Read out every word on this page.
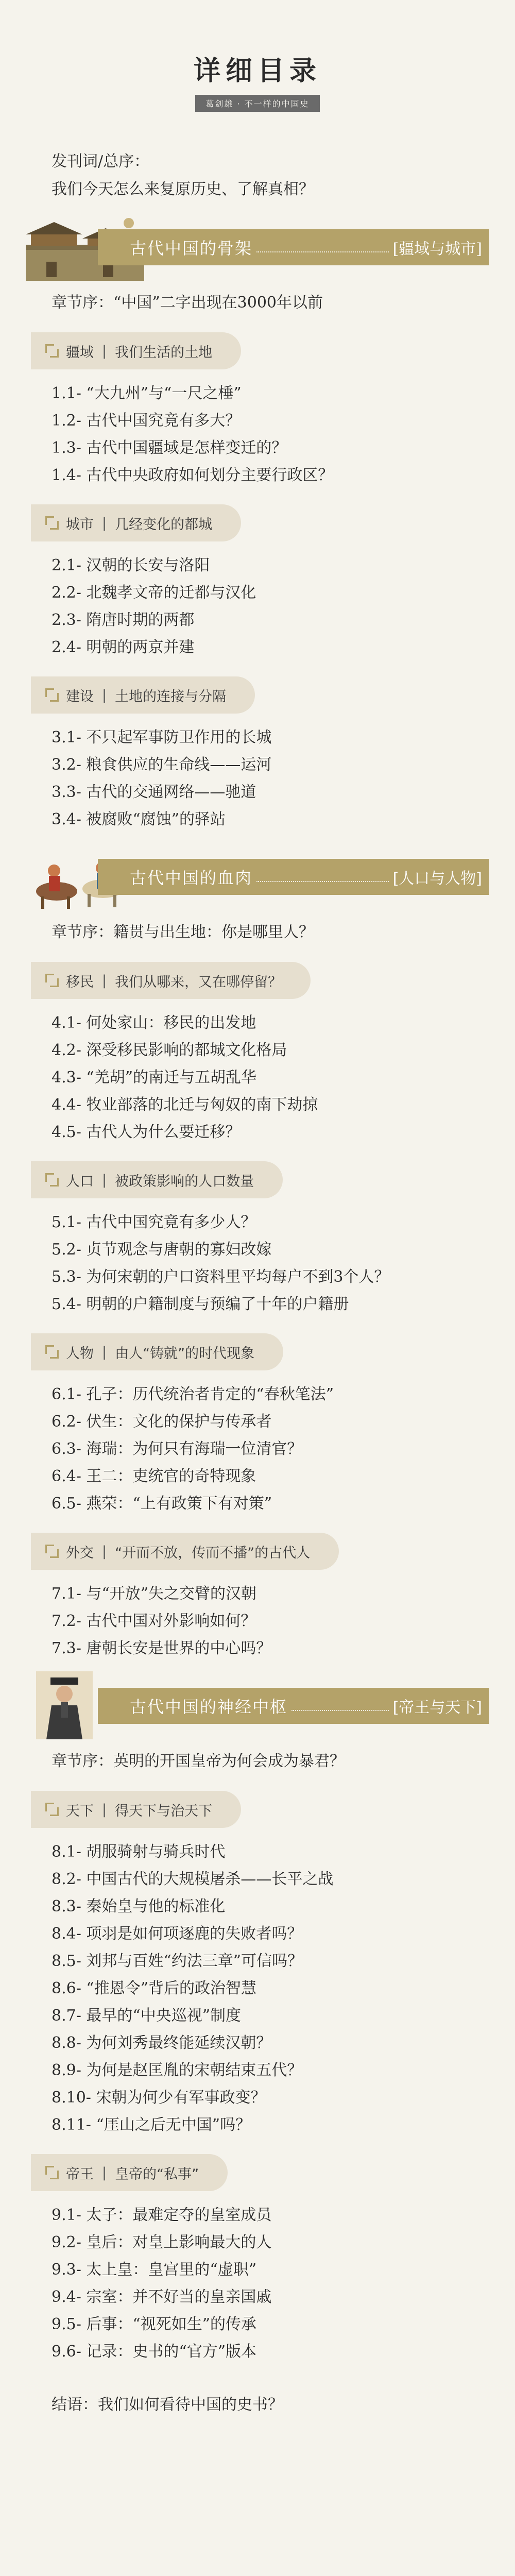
详细目录
葛剑雄 · 不一样的中国史
发刊词/总序：
我们今天怎么来复原历史、了解真相？
古代中国的骨架	[疆域与城市]
章节序：“中国”二字出现在3000年以前
疆域 | 我们生活的土地
1.1- “大九州”与“一尺之棰”
1.2- 古代中国究竟有多大？
1.3- 古代中国疆域是怎样变迁的？
1.4- 古代中央政府如何划分主要行政区？
城市 | 几经变化的都城
2.1- 汉朝的长安与洛阳
2.2- 北魏孝文帝的迁都与汉化
2.3- 隋唐时期的两都
2.4- 明朝的两京并建
建设 | 土地的连接与分隔
3.1- 不只起军事防卫作用的长城
3.2- 粮食供应的生命线——运河
3.3- 古代的交通网络——驰道
3.4- 被腐败“腐蚀”的驿站
古代中国的血肉	[人口与人物]
章节序：籍贯与出生地：你是哪里人？
移民 | 我们从哪来，又在哪停留？
4.1- 何处家山：移民的出发地
4.2- 深受移民影响的都城文化格局
4.3- “羌胡”的南迁与五胡乱华
4.4- 牧业部落的北迁与匈奴的南下劫掠
4.5- 古代人为什么要迁移？
人口 | 被政策影响的人口数量
5.1- 古代中国究竟有多少人？
5.2- 贞节观念与唐朝的寡妇改嫁
5.3- 为何宋朝的户口资料里平均每户不到3个人？
5.4- 明朝的户籍制度与预编了十年的户籍册
人物 | 由人“铸就”的时代现象
6.1- 孔子：历代统治者肯定的“春秋笔法”
6.2- 伏生：文化的保护与传承者
6.3- 海瑞：为何只有海瑞一位清官？
6.4- 王二：吏统官的奇特现象
6.5- 燕荣：“上有政策下有对策”
外交 | “开而不放，传而不播”的古代人
7.1- 与“开放”失之交臂的汉朝
7.2- 古代中国对外影响如何？
7.3- 唐朝长安是世界的中心吗？
古代中国的神经中枢	[帝王与天下]
章节序：英明的开国皇帝为何会成为暴君？
天下 | 得天下与治天下
8.1- 胡服骑射与骑兵时代
8.2- 中国古代的大规模屠杀——长平之战
8.3- 秦始皇与他的标准化
8.4- 项羽是如何项逐鹿的失败者吗？
8.5- 刘邦与百姓“约法三章”可信吗？
8.6- “推恩令”背后的政治智慧
8.7- 最早的“中央巡视”制度
8.8- 为何刘秀最终能延续汉朝？
8.9- 为何是赵匡胤的宋朝结束五代？
8.10- 宋朝为何少有军事政变？
8.11- “厓山之后无中国”吗？
帝王 | 皇帝的“私事”
9.1- 太子：最难定夺的皇室成员
9.2- 皇后：对皇上影响最大的人
9.3- 太上皇：皇宫里的“虚职”
9.4- 宗室：并不好当的皇亲国戚
9.5- 后事：“视死如生”的传承
9.6- 记录：史书的“官方”版本
结语：我们如何看待中国的史书？
